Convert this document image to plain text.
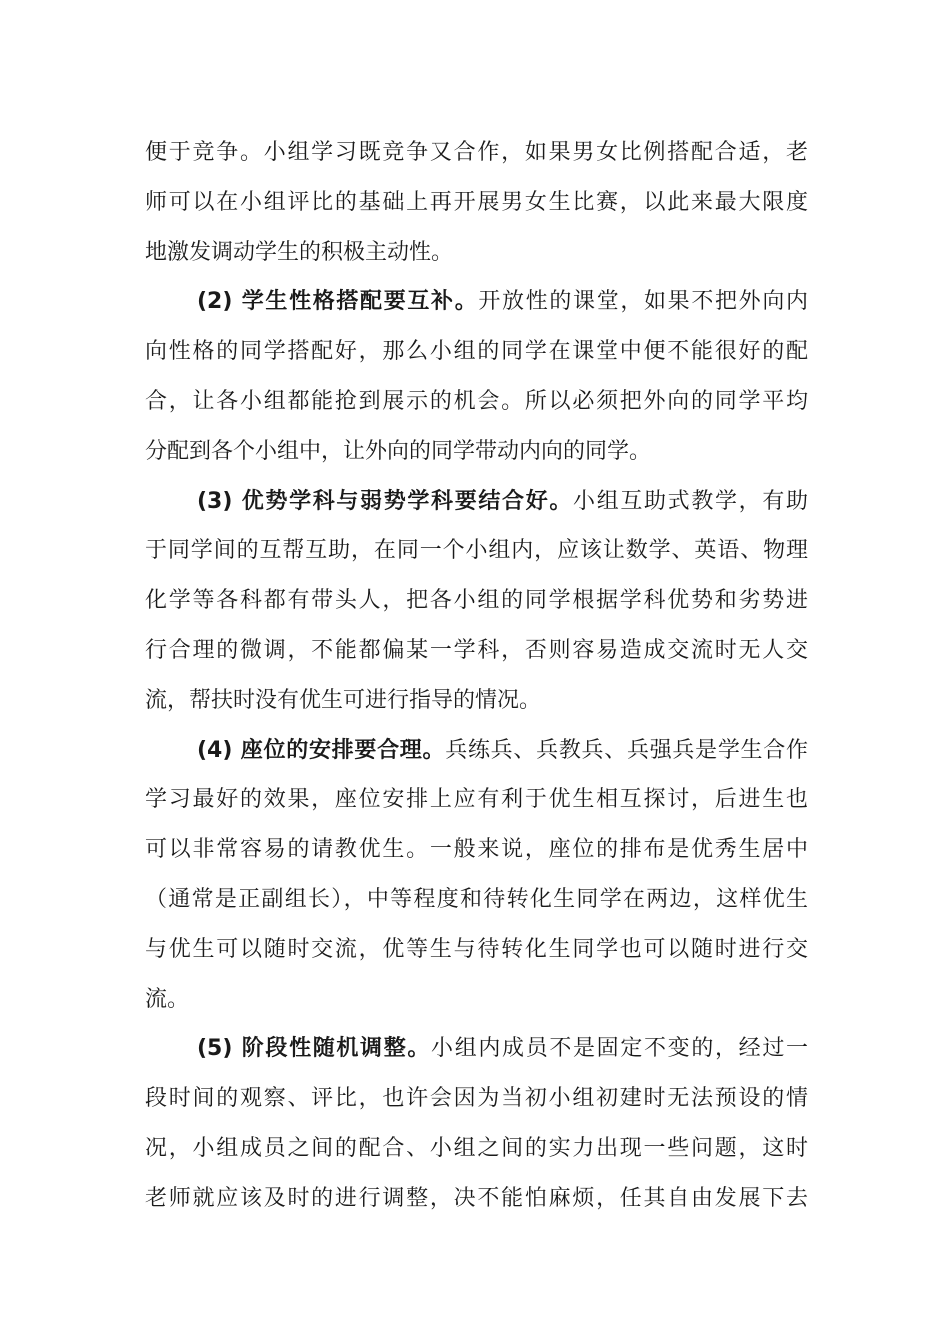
便于竞争。小组学习既竞争又合作，如果男女比例搭配合适，老
师可以在小组评比的基础上再开展男女生比赛，以此来最大限度
地激发调动学生的积极主动性。
(2) 学生性格搭配要互补。开放性的课堂，如果不把外向内
向性格的同学搭配好，那么小组的同学在课堂中便不能很好的配
合，让各小组都能抢到展示的机会。所以必须把外向的同学平均
分配到各个小组中，让外向的同学带动内向的同学。
(3) 优势学科与弱势学科要结合好。小组互助式教学，有助
于同学间的互帮互助，在同一个小组内，应该让数学、英语、物理
化学等各科都有带头人，把各小组的同学根据学科优势和劣势进
行合理的微调，不能都偏某一学科，否则容易造成交流时无人交
流，帮扶时没有优生可进行指导的情况。
(4) 座位的安排要合理。兵练兵、兵教兵、兵强兵是学生合作
学习最好的效果，座位安排上应有利于优生相互探讨，后进生也
可以非常容易的请教优生。一般来说，座位的排布是优秀生居中
（通常是正副组长），中等程度和待转化生同学在两边，这样优生
与优生可以随时交流，优等生与待转化生同学也可以随时进行交
流。
(5) 阶段性随机调整。小组内成员不是固定不变的，经过一
段时间的观察、评比，也许会因为当初小组初建时无法预设的情
况，小组成员之间的配合、小组之间的实力出现一些问题，这时
老师就应该及时的进行调整，决不能怕麻烦，任其自由发展下去
